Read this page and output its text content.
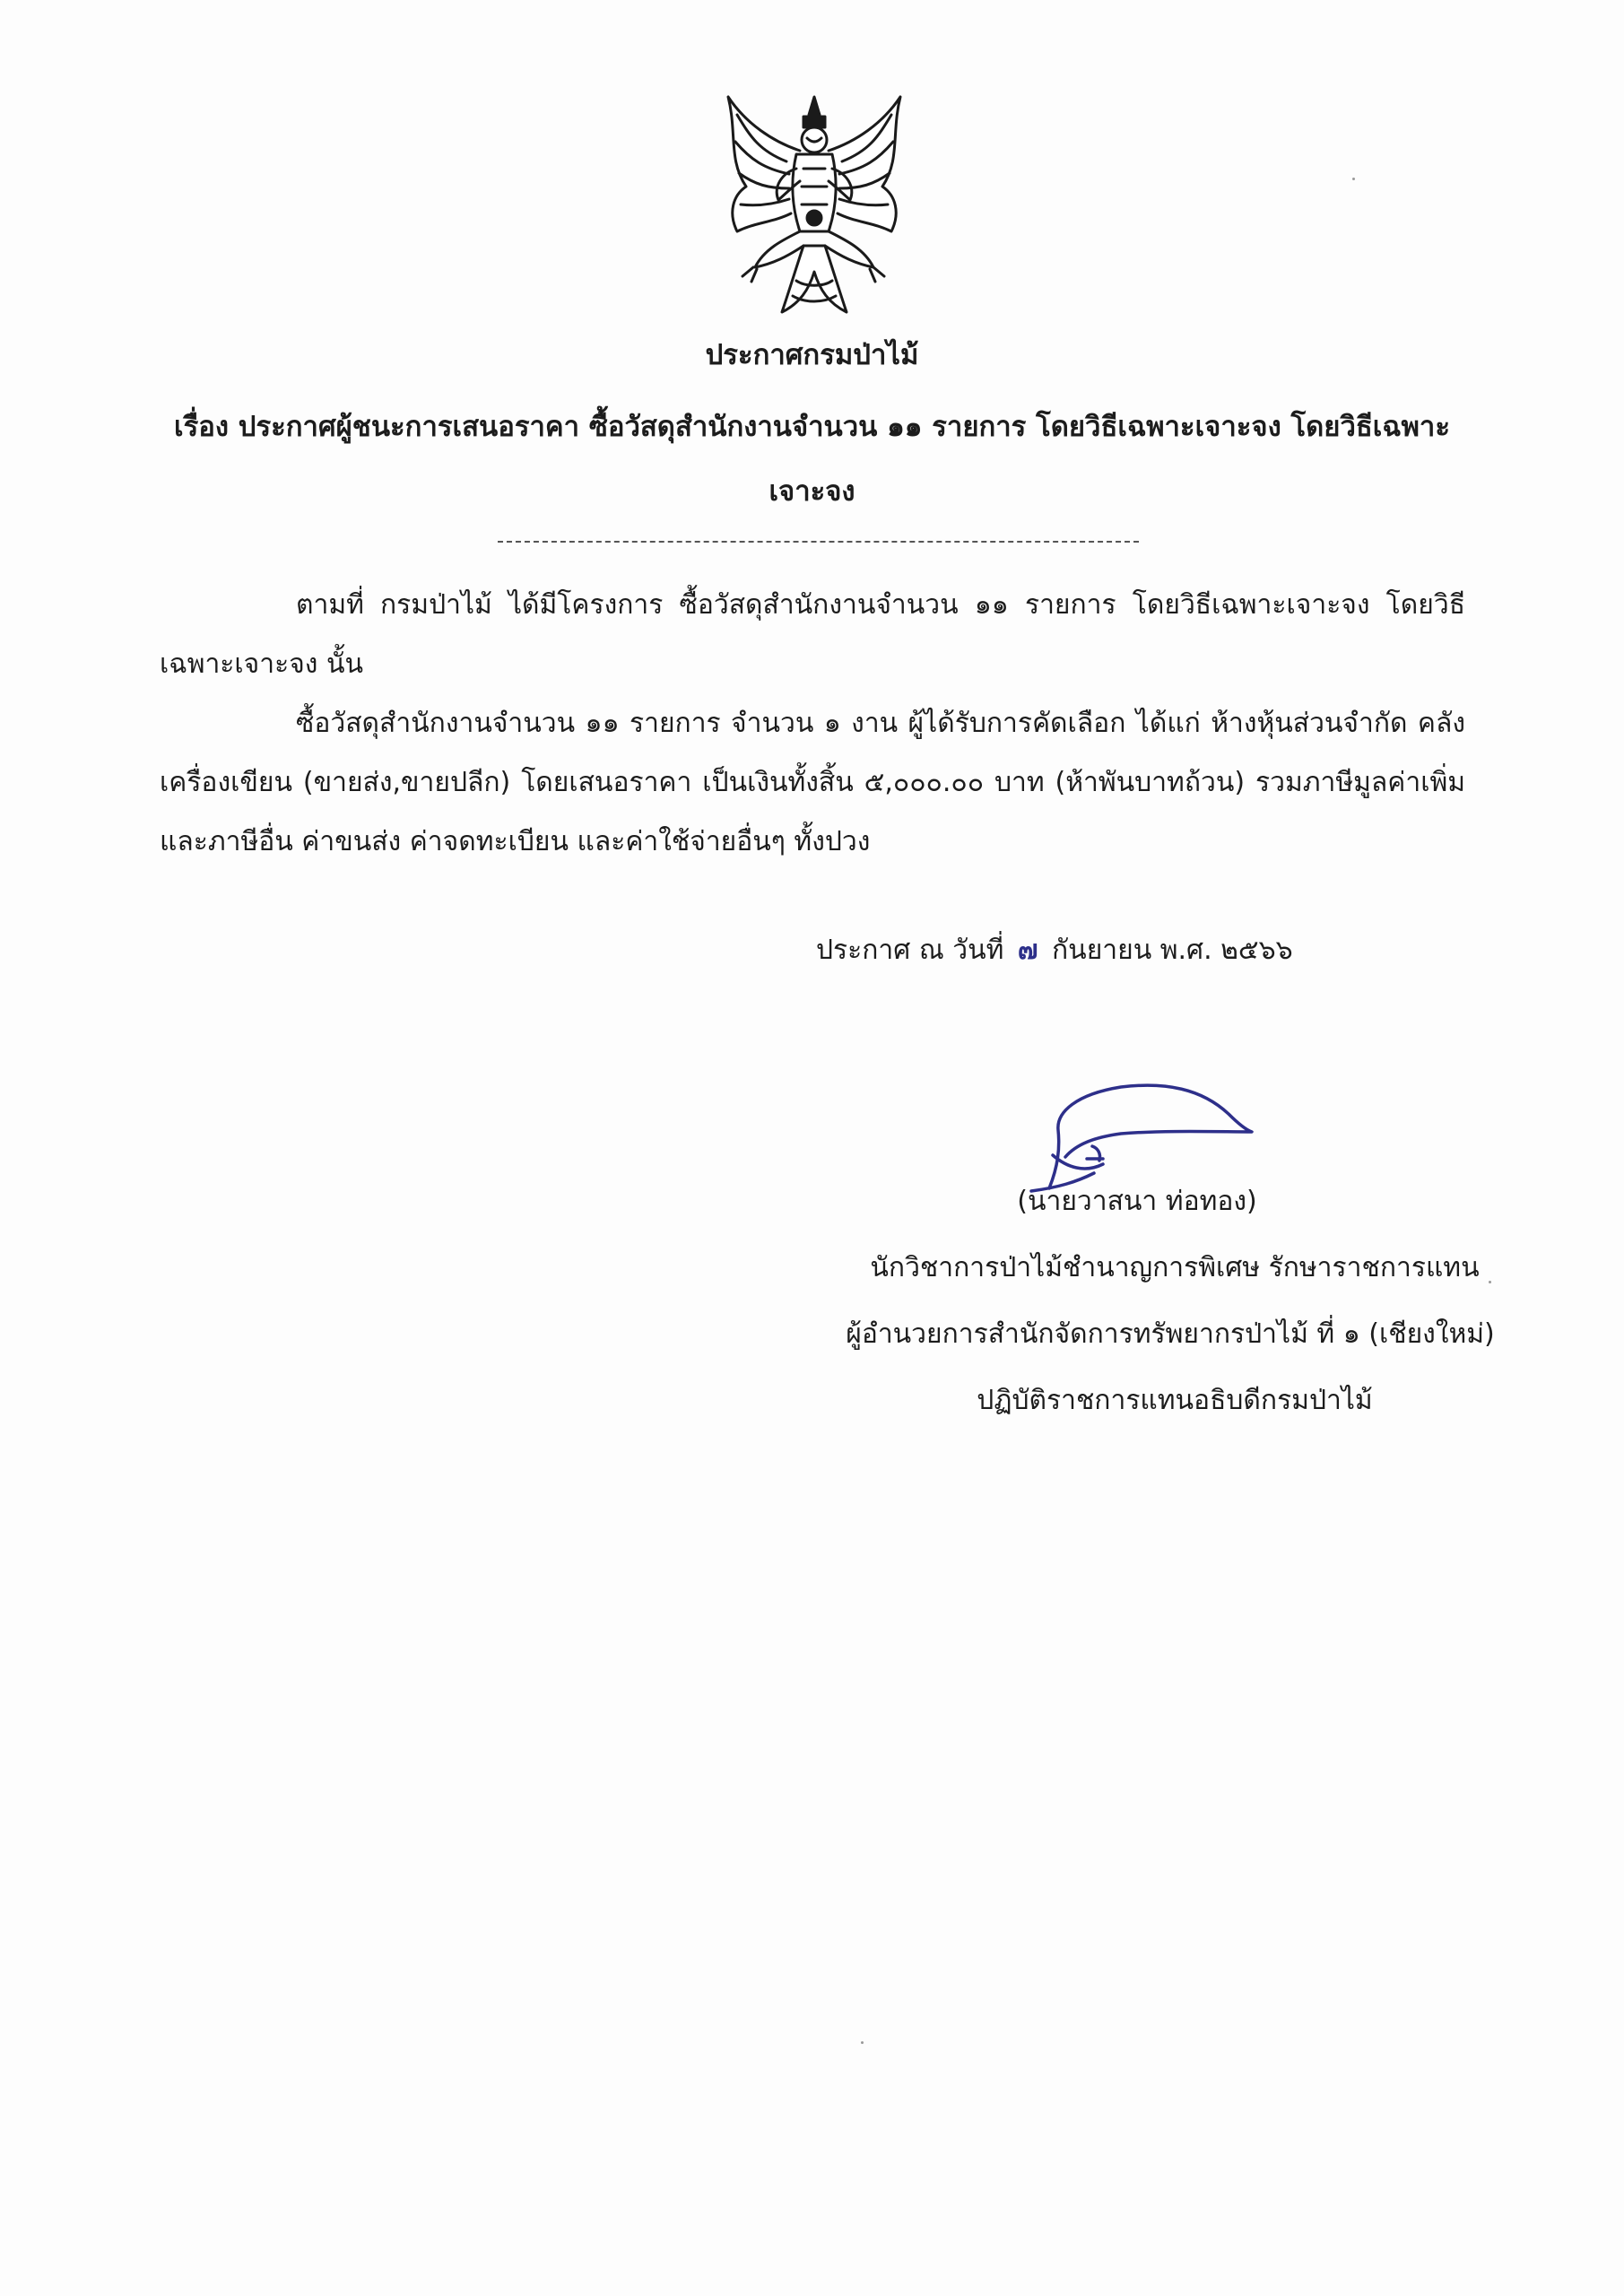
ประกาศกรมป่าไม้
เรื่อง ประกาศผู้ชนะการเสนอราคา ซื้อวัสดุสำนักงานจำนวน ๑๑ รายการ โดยวิธีเฉพาะเจาะจง โดยวิธีเฉพาะ
เจาะจง
ตามที่ กรมป่าไม้ ได้มีโครงการ ซื้อวัสดุสำนักงานจำนวน ๑๑ รายการ โดยวิธีเฉพาะเจาะจง โดยวิธีเฉพาะเจาะจง นั้น
ซื้อวัสดุสำนักงานจำนวน ๑๑ รายการ จำนวน ๑ งาน ผู้ได้รับการคัดเลือก ได้แก่ ห้างหุ้นส่วนจำกัด คลังเครื่องเขียน (ขายส่ง,ขายปลีก) โดยเสนอราคา เป็นเงินทั้งสิ้น ๕,๐๐๐.๐๐ บาท (ห้าพันบาทถ้วน) รวมภาษีมูลค่าเพิ่มและภาษีอื่น ค่าขนส่ง ค่าจดทะเบียน และค่าใช้จ่ายอื่นๆ ทั้งปวง
ประกาศ ณ วันที่ ๗ กันยายน พ.ศ. ๒๕๖๖
(นายวาสนา ท่อทอง)
นักวิชาการป่าไม้ชำนาญการพิเศษ รักษาราชการแทน
ผู้อำนวยการสำนักจัดการทรัพยากรป่าไม้ ที่ ๑ (เชียงใหม่)
ปฏิบัติราชการแทนอธิบดีกรมป่าไม้
